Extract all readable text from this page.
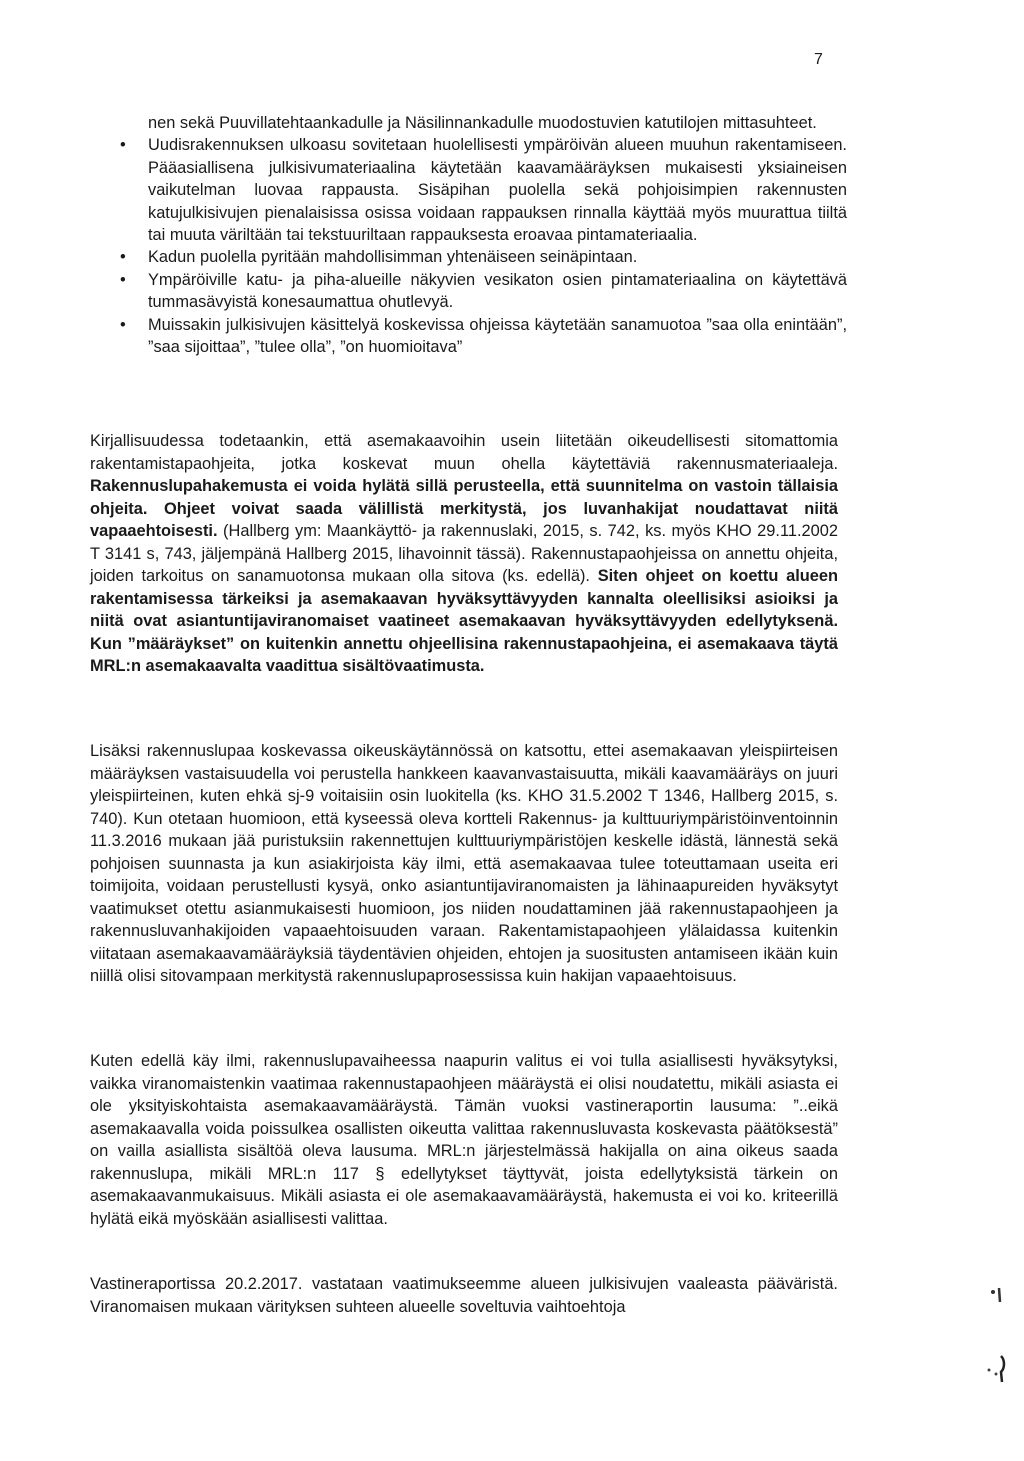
7
nen sekä Puuvillatehtaankadulle ja Näsilinnankadulle muodostuvien katutilojen mittasuhteet.
• Uudisrakennuksen ulkoasu sovitetaan huolellisesti ympäröivän alueen muuhun rakentamiseen. Pääasiallisena julkisivumateriaalina käytetään kaavamääräyksen mukaisesti yksiaineisen vaikutelman luovaa rappausta. Sisäpihan puolella sekä pohjoisimpien rakennusten katujulkisivujen pienalaisissa osissa voidaan rappauksen rinnalla käyttää myös muurattua tiiltä tai muuta väriltään tai tekstuuriltaan rappauksesta eroavaa pintamateriaalia.
• Kadun puolella pyritään mahdollisimman yhtenäiseen seinäpintaan.
• Ympäröiville katu- ja piha-alueille näkyvien vesikaton osien pintamateriaalina on käytettävä tummasävyistä konesaumattua ohutlevyä.
• Muissakin julkisivujen käsittelyä koskevissa ohjeissa käytetään sanamuotoa ”saa olla enintään”, ”saa sijoittaa”, ”tulee olla”, ”on huomioitava”

Kirjallisuudessa todetaankin, että asemakaavoihin usein liitetään oikeudellisesti sitomattomia rakentamistapaohjeita, jotka koskevat muun ohella käytettäviä rakennusmateriaaleja. Rakennuslupahakemusta ei voida hylätä sillä perusteella, että suunnitelma on vastoin tällaisia ohjeita. Ohjeet voivat saada välillistä merkitystä, jos luvanhakijat noudattavat niitä vapaaehtoisesti. (Hallberg ym: Maankäyttö- ja rakennuslaki, 2015, s. 742, ks. myös KHO 29.11.2002 T 3141 s, 743, jäljempänä Hallberg 2015, lihavoinnit tässä). Rakennustapaohjeissa on annettu ohjeita, joiden tarkoitus on sanamuotonsa mukaan olla sitova (ks. edellä). Siten ohjeet on koettu alueen rakentamisessa tärkeiksi ja asemakaavan hyväksyttävyyden kannalta oleellisiksi asioiksi ja niitä ovat asiantuntijaviranomaiset vaatineet asemakaavan hyväksyttävyyden edellytyksenä. Kun ”määräykset” on kuitenkin annettu ohjeellisina rakennustapaohjeina, ei asemakaava täytä MRL:n asemakaavalta vaadittua sisältövaatimusta.

Lisäksi rakennuslupaa koskevassa oikeuskäytännössä on katsottu, ettei asemakaavan yleispiirteisen määräyksen vastaisuudella voi perustella hankkeen kaavanvastaisuutta, mikäli kaavamääräys on juuri yleispiirteinen, kuten ehkä sj-9 voitaisiin osin luokitella (ks. KHO 31.5.2002 T 1346, Hallberg 2015, s. 740). Kun otetaan huomioon, että kyseessä oleva kortteli Rakennus- ja kulttuuriympäristöinventoinnin 11.3.2016 mukaan jää puristuksiin rakennettujen kulttuuriympäristöjen keskelle idästä, lännestä sekä pohjoisen suunnasta ja kun asiakirjoista käy ilmi, että asemakaavaa tulee toteuttamaan useita eri toimijoita, voidaan perustellusti kysyä, onko asiantuntijaviranomaisten ja lähinaapureiden hyväksytyt vaatimukset otettu asianmukaisesti huomioon, jos niiden noudattaminen jää rakennustapaohjeen ja rakennusluvanhakijoiden vapaaehtoisuuden varaan. Rakentamistapaohjeen ylälaidassa kuitenkin viitataan asemakaavamääräyksiä täydentävien ohjeiden, ehtojen ja suositusten antamiseen ikään kuin niillä olisi sitovampaan merkitystä rakennuslupaprosessissa kuin hakijan vapaaehtoisuus.

Kuten edellä käy ilmi, rakennuslupavaiheessa naapurin valitus ei voi tulla asiallisesti hyväksytyksi, vaikka viranomaistenkin vaatimaa rakennustapaohjeen määräystä ei olisi noudatettu, mikäli asiasta ei ole yksityiskohtaista asemakaavamääräystä. Tämän vuoksi vastineraportin lausuma: ”..eikä asemakaavalla voida poissulkea osallisten oikeutta valittaa rakennusluvasta koskevasta päätöksestä” on vailla asiallista sisältöä oleva lausuma. MRL:n järjestelmässä hakijalla on aina oikeus saada rakennuslupa, mikäli MRL:n 117 § edellytykset täyttyvät, joista edellytyksistä tärkein on asemakaavanmukaisuus. Mikäli asiasta ei ole asemakaavamääräystä, hakemusta ei voi ko. kriteerillä hylätä eikä myöskään asiallisesti valittaa.

Vastineraportissa 20.2.2017. vastataan vaatimukseemme alueen julkisivujen vaaleasta pääväristä. Viranomaisen mukaan värityksen suhteen alueelle soveltuvia vaihtoehtoja
